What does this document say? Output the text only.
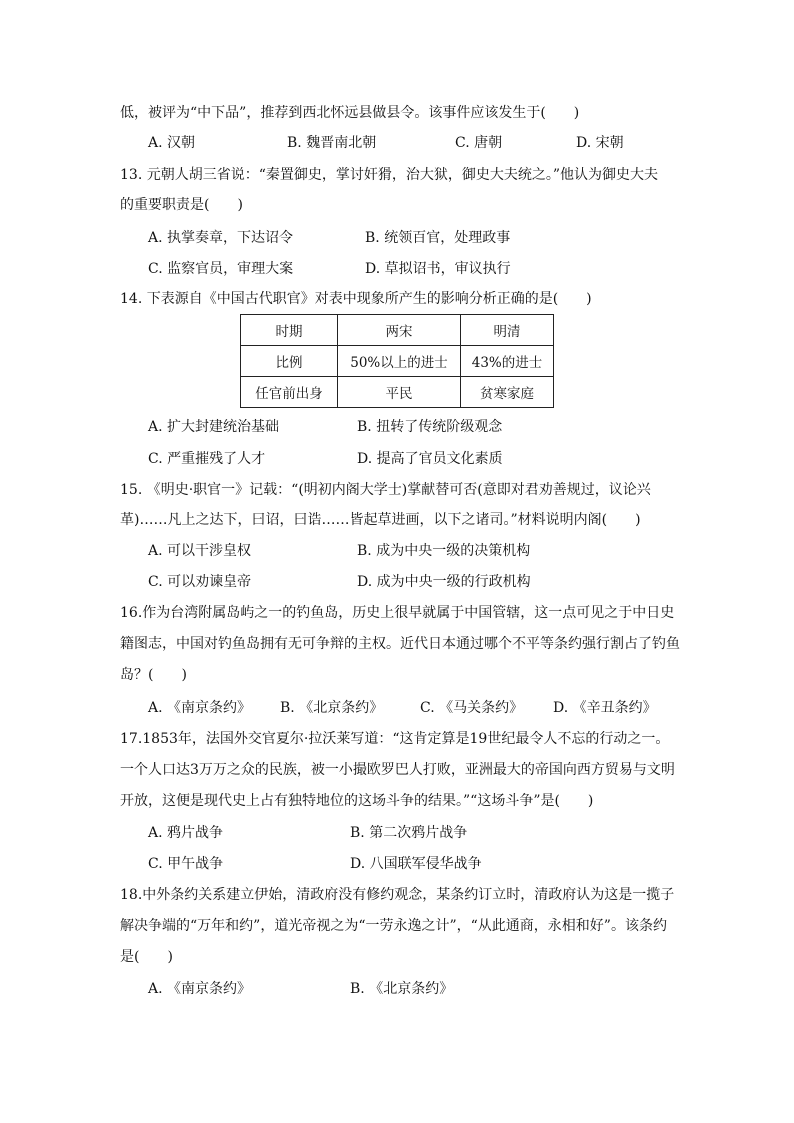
低，被评为“中下品”，推荐到西北怀远县做县令。该事件应该发生于(　　)
A. 汉朝	B. 魏晋南北朝	C. 唐朝	D. 宋朝
13. 元朝人胡三省说：“秦置御史，掌讨奸猾，治大狱，御史大夫统之。”他认为御史大夫
的重要职责是(　　)
A. 执掌奏章，下达诏令	B. 统领百官，处理政事
C. 监察官员，审理大案	D. 草拟诏书，审议执行
14. 下表源自《中国古代职官》对表中现象所产生的影响分析正确的是(　　)
时期	两宋	明清
比例	50%以上的进士	43%的进士
任官前出身	平民	贫寒家庭
A. 扩大封建统治基础	B. 扭转了传统阶级观念
C. 严重摧残了人才	D. 提高了官员文化素质
15. 《明史·职官一》记载：“(明初内阁大学士)掌献替可否(意即对君劝善规过，议论兴
革)……凡上之达下，曰诏，曰诰……皆起草进画，以下之诸司。”材料说明内阁(　　)
A. 可以干涉皇权	B. 成为中央一级的决策机构
C. 可以劝谏皇帝	D. 成为中央一级的行政机构
16.作为台湾附属岛屿之一的钓鱼岛，历史上很早就属于中国管辖，这一点可见之于中日史
籍图志，中国对钓鱼岛拥有无可争辩的主权。近代日本通过哪个不平等条约强行割占了钓鱼
岛？(　　)
A. 《南京条约》 B. 《北京条约》	C. 《马关条约》 D. 《辛丑条约》
17.1853年，法国外交官夏尔·拉沃莱写道：“这肯定算是19世纪最令人不忘的行动之一。
一个人口达3万万之众的民族，被一小撮欧罗巴人打败，亚洲最大的帝国向西方贸易与文明
开放，这便是现代史上占有独特地位的这场斗争的结果。”“这场斗争”是(　　)
A. 鸦片战争	B. 第二次鸦片战争
C. 甲午战争	D. 八国联军侵华战争
18.中外条约关系建立伊始，清政府没有修约观念，某条约订立时，清政府认为这是一揽子
解决争端的“万年和约”，道光帝视之为“一劳永逸之计”，“从此通商，永相和好”。该条约
是(　　)
A. 《南京条约》	B. 《北京条约》
